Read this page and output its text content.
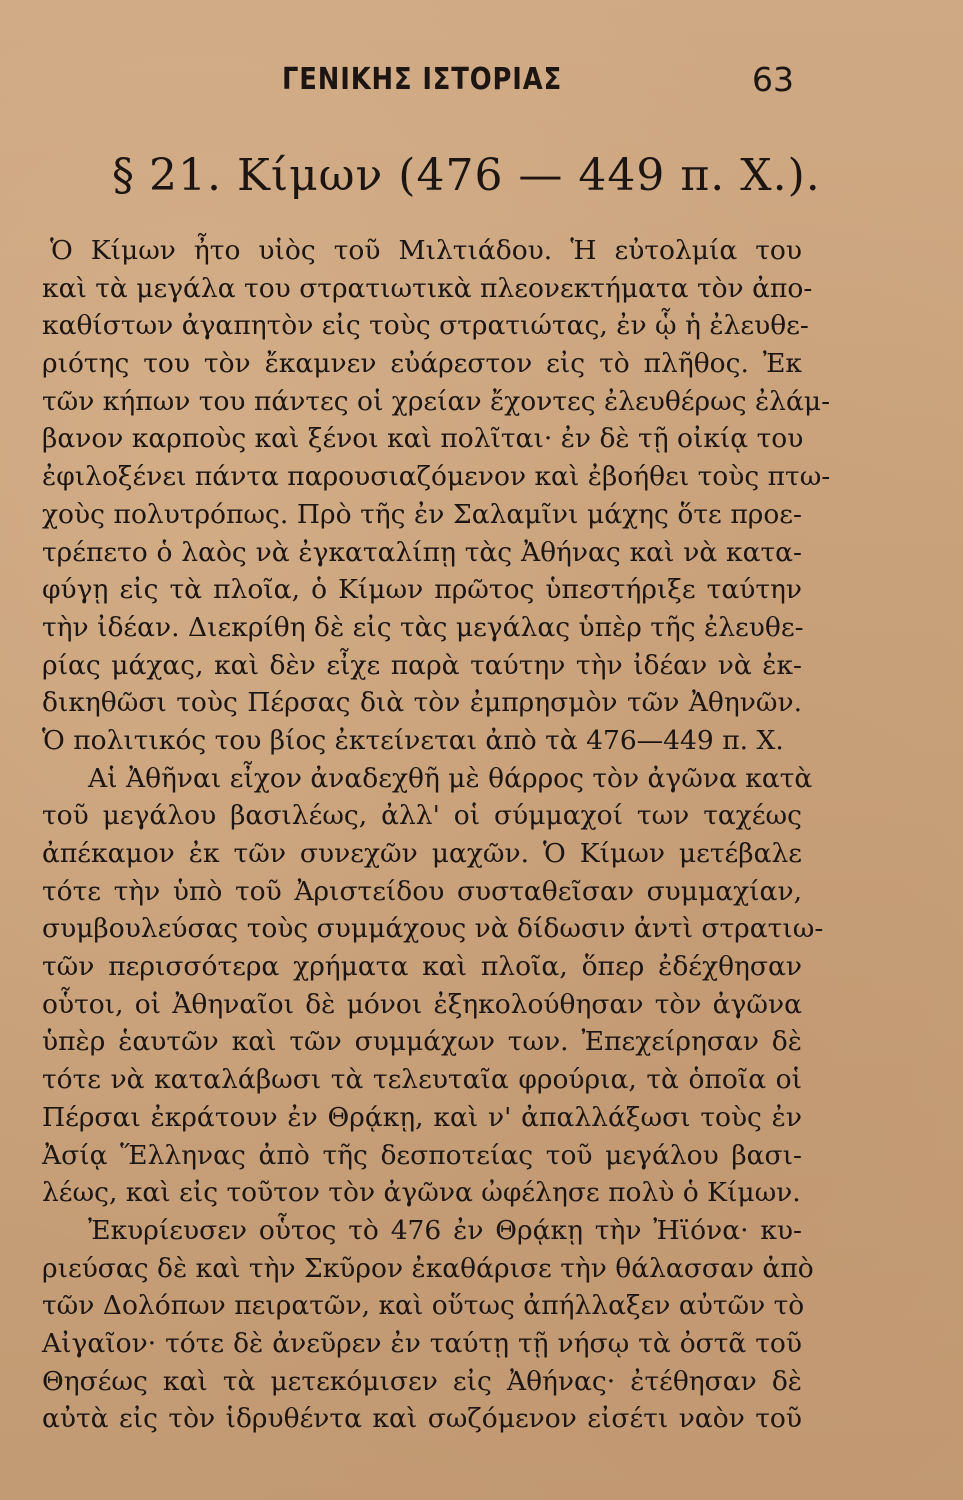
ΓΕΝΙΚΗΣ ΙΣΤΟΡΙΑΣ	63
§ 21. Κίμων (476 — 449 π. Χ.).
Ὁ Κίμων ἦτο υἱὸς τοῦ Μιλτιάδου. Ἡ εὐτολμία του
καὶ τὰ μεγάλα του στρατιωτικὰ πλεονεκτήματα τὸν ἀπο-
καθίστων ἀγαπητὸν εἰς τοὺς στρατιώτας, ἐν ᾧ ἡ ἐλευθε-
ριότης του τὸν ἔκαμνεν εὐάρεστον εἰς τὸ πλῆθος. Ἐκ
τῶν κήπων του πάντες οἱ χρείαν ἔχοντες ἐλευθέρως ἐλάμ-
βανον καρποὺς καὶ ξένοι καὶ πολῖται· ἐν δὲ τῇ οἰκίᾳ του
ἐφιλοξένει πάντα παρουσιαζόμενον καὶ ἐβοήθει τοὺς πτω-
χοὺς πολυτρόπως. Πρὸ τῆς ἐν Σαλαμῖνι μάχης ὅτε προε-
τρέπετο ὁ λαὸς νὰ ἐγκαταλίπῃ τὰς Ἀθήνας καὶ νὰ κατα-
φύγῃ εἰς τὰ πλοῖα, ὁ Κίμων πρῶτος ὑπεστήριξε ταύτην
τὴν ἰδέαν. Διεκρίθη δὲ εἰς τὰς μεγάλας ὑπὲρ τῆς ἐλευθε-
ρίας μάχας, καὶ δὲν εἶχε παρὰ ταύτην τὴν ἰδέαν νὰ ἐκ-
δικηθῶσι τοὺς Πέρσας διὰ τὸν ἐμπρησμὸν τῶν Ἀθηνῶν.
Ὁ πολιτικός του βίος ἐκτείνεται ἀπὸ τὰ 476—449 π. Χ.
Αἱ Ἀθῆναι εἶχον ἀναδεχθῆ μὲ θάρρος τὸν ἀγῶνα κατὰ
τοῦ μεγάλου βασιλέως, ἀλλ' οἱ σύμμαχοί των ταχέως
ἀπέκαμον ἐκ τῶν συνεχῶν μαχῶν. Ὁ Κίμων μετέβαλε
τότε τὴν ὑπὸ τοῦ Ἀριστείδου συσταθεῖσαν συμμαχίαν,
συμβουλεύσας τοὺς συμμάχους νὰ δίδωσιν ἀντὶ στρατιω-
τῶν περισσότερα χρήματα καὶ πλοῖα, ὅπερ ἐδέχθησαν
οὗτοι, οἱ Ἀθηναῖοι δὲ μόνοι ἐξηκολούθησαν τὸν ἀγῶνα
ὑπὲρ ἑαυτῶν καὶ τῶν συμμάχων των. Ἐπεχείρησαν δὲ
τότε νὰ καταλάβωσι τὰ τελευταῖα φρούρια, τὰ ὁποῖα οἱ
Πέρσαι ἐκράτουν ἐν Θρᾴκῃ, καὶ ν' ἀπαλλάξωσι τοὺς ἐν
Ἀσίᾳ Ἕλληνας ἀπὸ τῆς δεσποτείας τοῦ μεγάλου βασι-
λέως, καὶ εἰς τοῦτον τὸν ἀγῶνα ὠφέλησε πολὺ ὁ Κίμων.
Ἐκυρίευσεν οὗτος τὸ 476 ἐν Θρᾴκῃ τὴν Ἠϊόνα· κυ-
ριεύσας δὲ καὶ τὴν Σκῦρον ἐκαθάρισε τὴν θάλασσαν ἀπὸ
τῶν Δολόπων πειρατῶν, καὶ οὕτως ἀπήλλαξεν αὐτῶν τὸ
Αἰγαῖον· τότε δὲ ἀνεῦρεν ἐν ταύτῃ τῇ νήσῳ τὰ ὀστᾶ τοῦ
Θησέως καὶ τὰ μετεκόμισεν εἰς Ἀθήνας· ἐτέθησαν δὲ
αὐτὰ εἰς τὸν ἱδρυθέντα καὶ σωζόμενον εἰσέτι ναὸν τοῦ
